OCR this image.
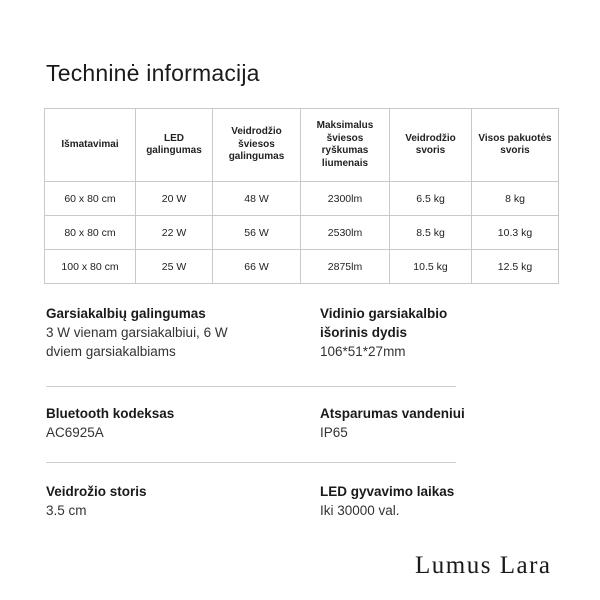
Techninė informacija
Išmatavimai	LED galingumas	Veidrodžio šviesos galingumas	Maksimalus šviesos ryškumas liumenais	Veidrodžio svoris	Visos pakuotės svoris
60 x 80 cm	20 W	48 W	2300lm	6.5 kg	8 kg
80 x 80 cm	22 W	56 W	2530lm	8.5 kg	10.3 kg
100 x 80 cm	25 W	66 W	2875lm	10.5 kg	12.5 kg
Garsiakalbių galingumas
3 W vienam garsiakalbiui, 6 W
dviem garsiakalbiams
Vidinio garsiakalbio
išorinis dydis
106*51*27mm
Bluetooth kodeksas
AC6925A
Atsparumas vandeniui
IP65
Veidrožio storis
3.5 cm
LED gyvavimo laikas
Iki 30000 val.
Lumus Lara
